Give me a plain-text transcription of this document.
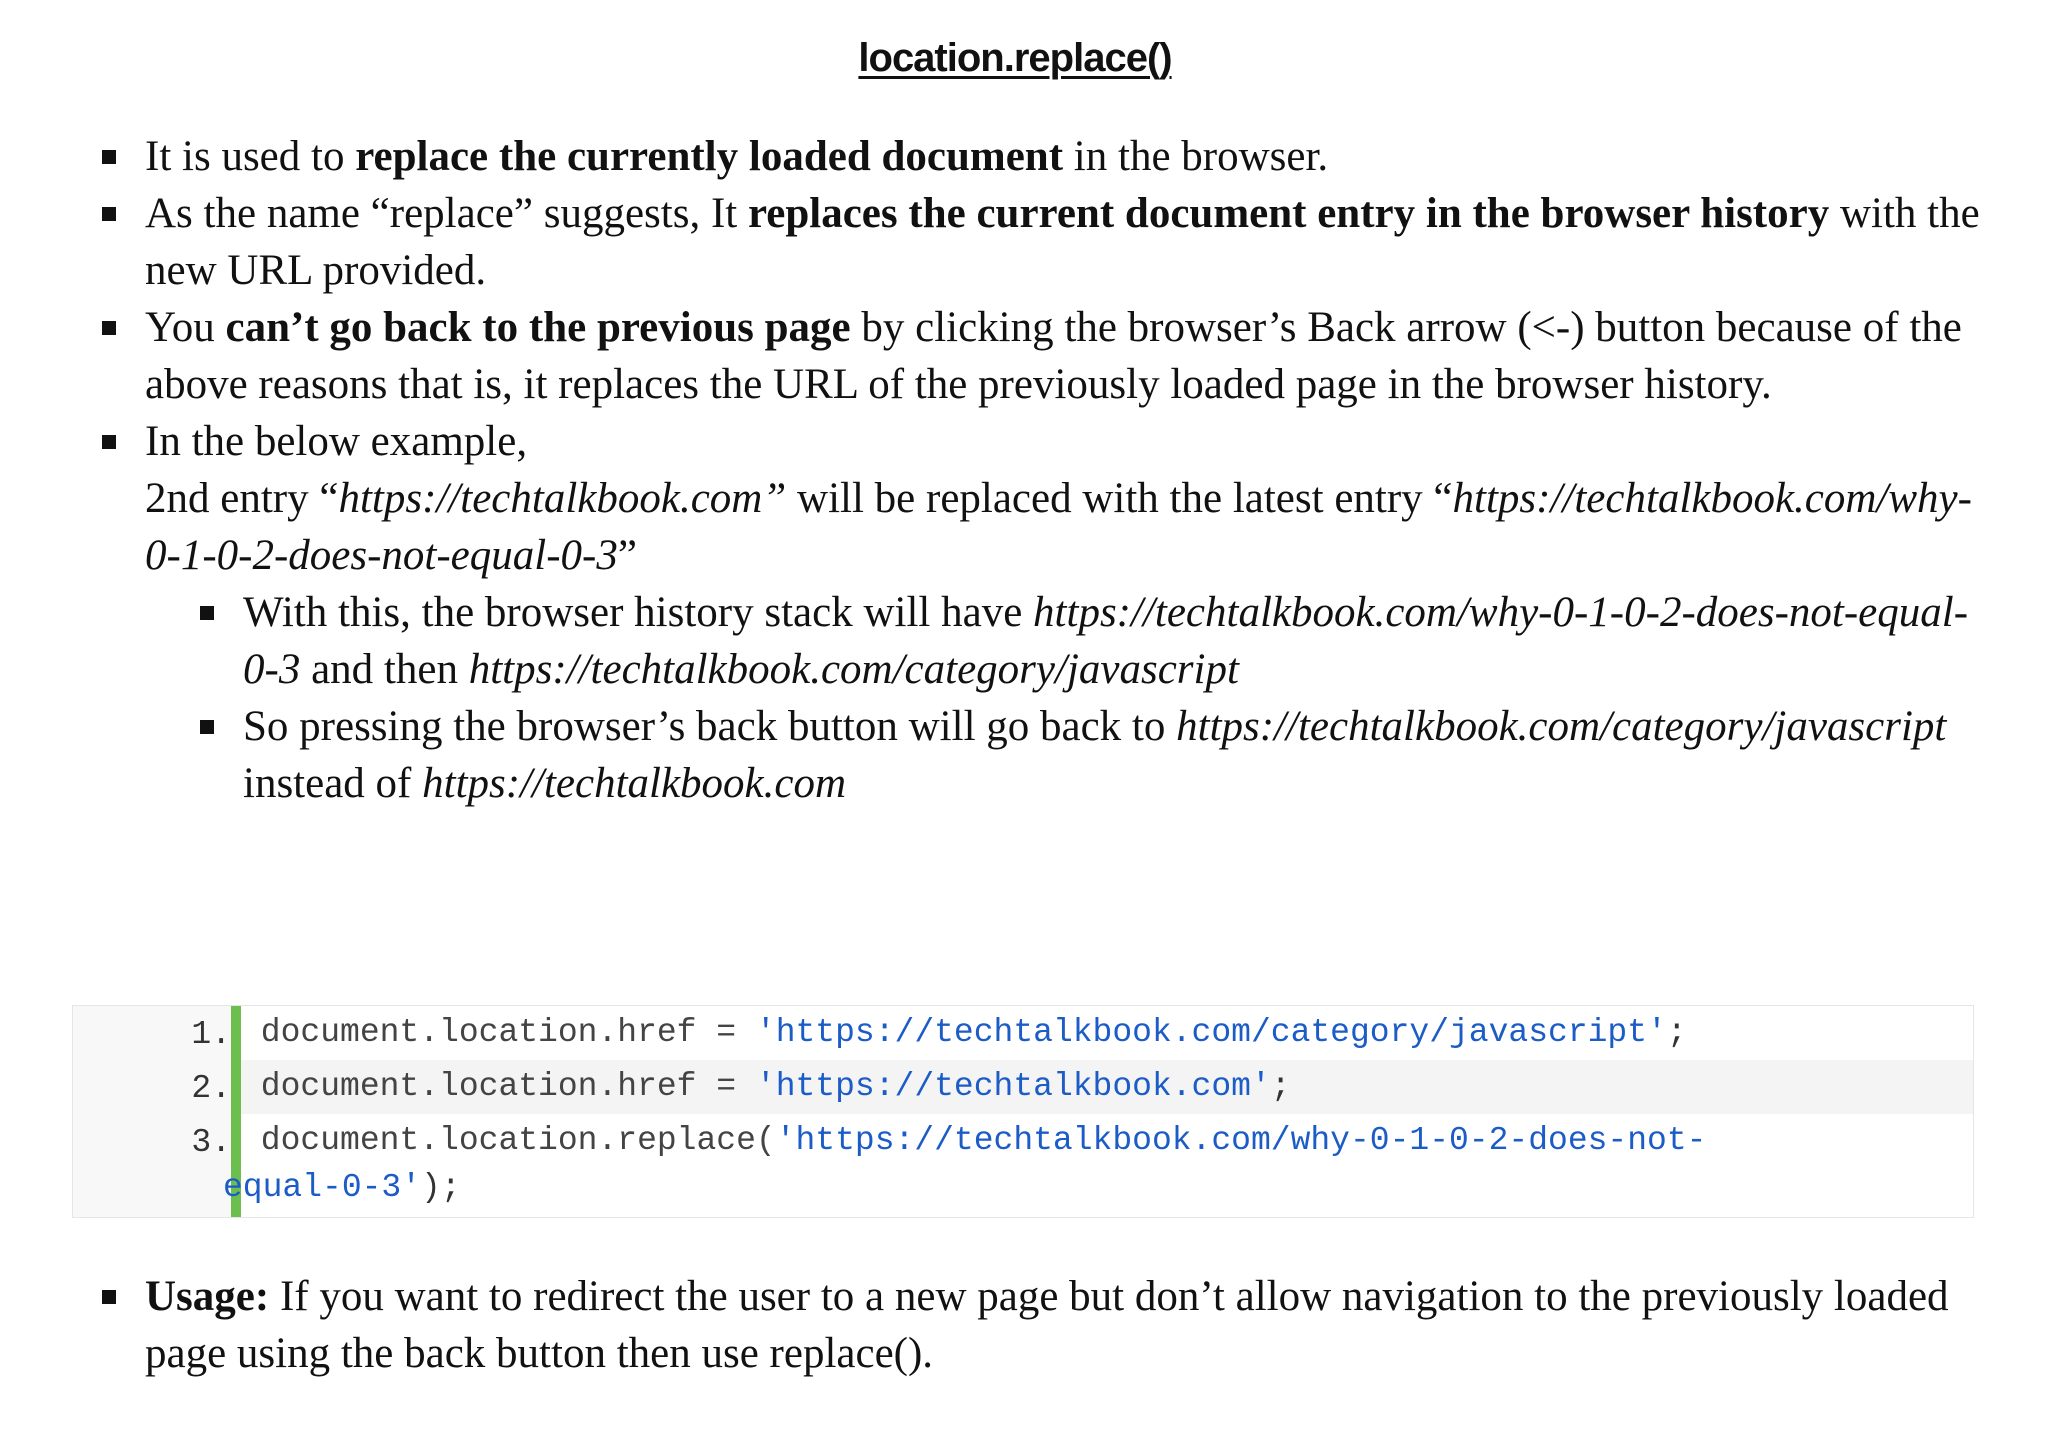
location.replace()
It is used to replace the currently loaded document in the browser.
As the name “replace” suggests, It replaces the current document entry in the browser history with the new URL provided.
You can’t go back to the previous page by clicking the browser’s Back arrow (<-) button because of the above reasons that is, it replaces the URL of the previously loaded page in the browser history.
In the below example,
2nd entry “https://techtalkbook.com” will be replaced with the latest entry “https://techtalkbook.com/why-0-1-0-2-does-not-equal-0-3”
With this, the browser history stack will have https://techtalkbook.com/why-0-1-0-2-does-not-equal-0-3 and then https://techtalkbook.com/category/javascript
So pressing the browser’s back button will go back to https://techtalkbook.com/category/javascript instead of https://techtalkbook.com
1.
2.
3.
document.location.href = 'https://techtalkbook.com/category/javascript';
document.location.href = 'https://techtalkbook.com';
document.location.replace('https://techtalkbook.com/why-0-1-0-2-does-not-
equal-0-3');
Usage: If you want to redirect the user to a new page but don’t allow navigation to the previously loaded page using the back button then use replace().
